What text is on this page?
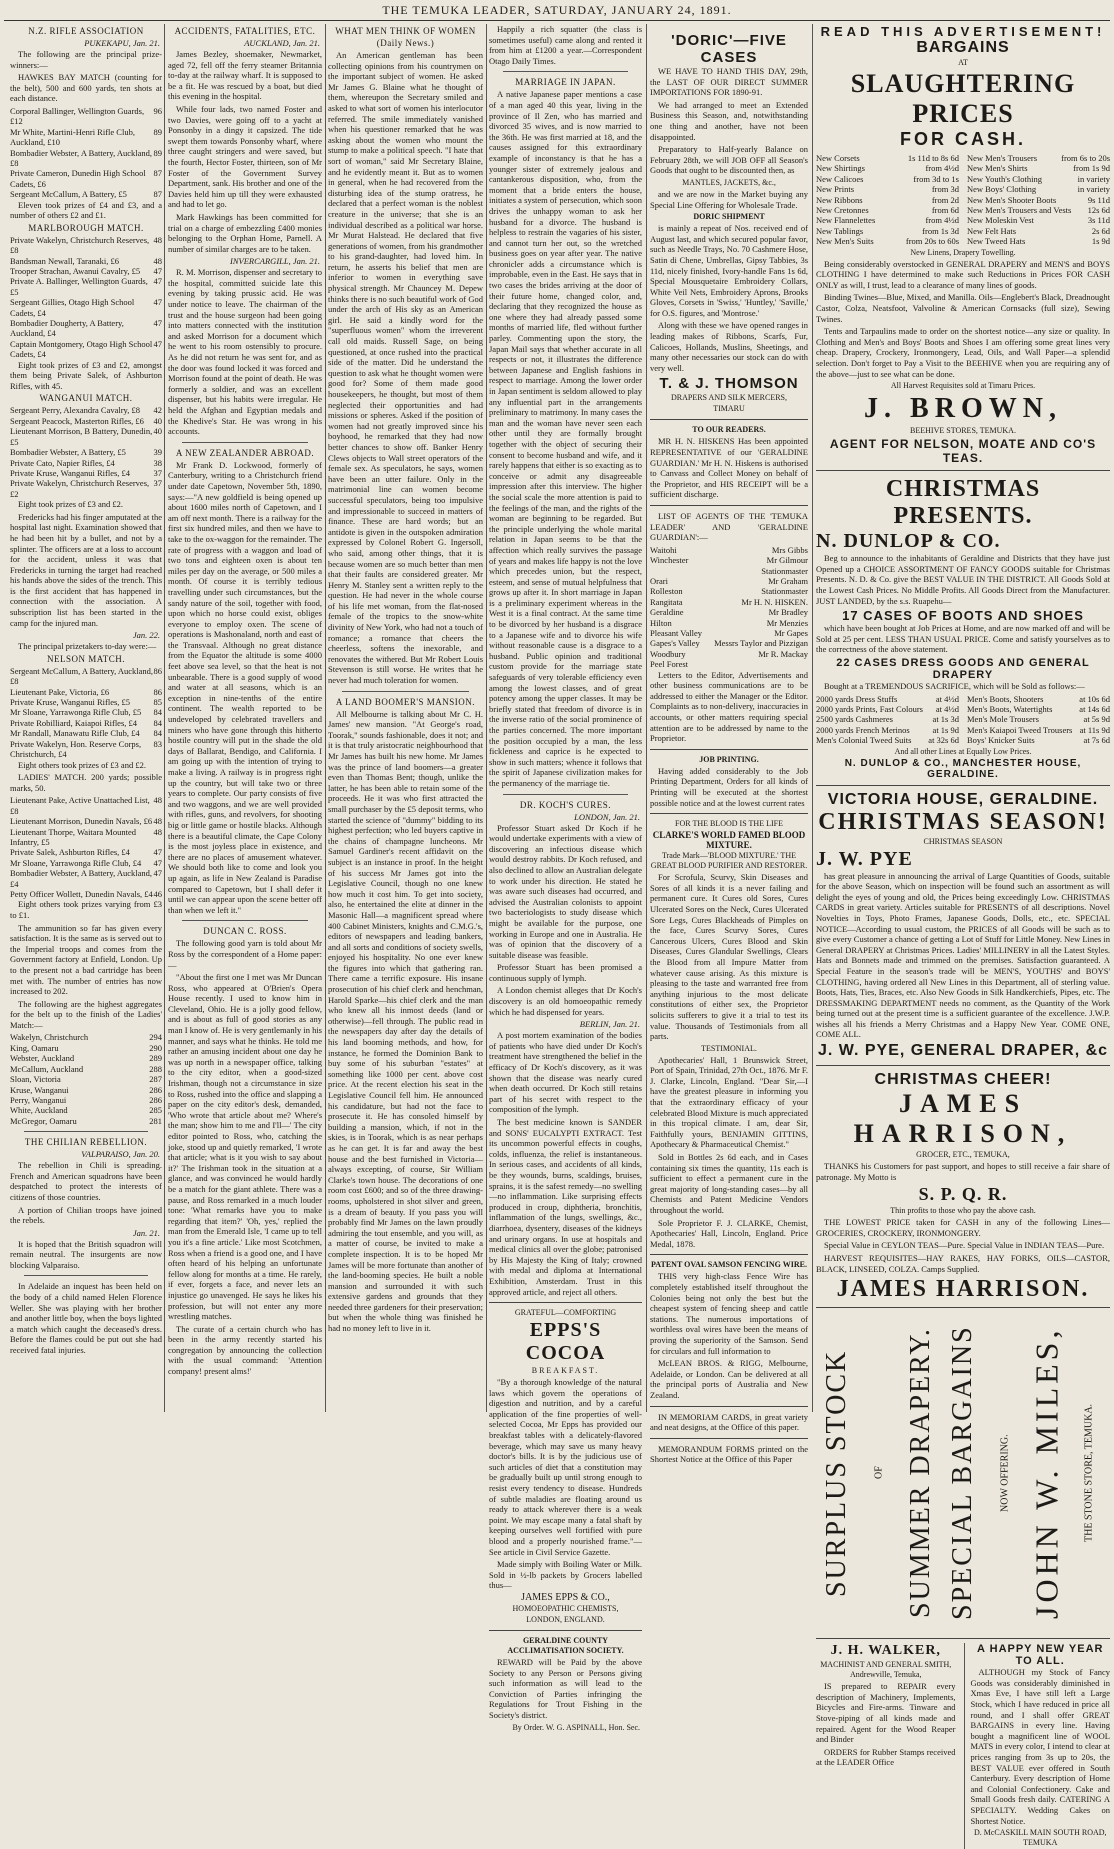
THE TEMUKA LEADER, SATURDAY, JANUARY 24, 1891.
N.Z. RIFLE ASSOCIATION
PUKEKAPU, Jan. 21.

The following are the principal prize-winners:—

HAWKES BAY MATCH (counting for the belt), 500 and 600 yards, ten shots at each distance.

Corporal Ballinger, Wellington Guards, £12
96
Mr White, Martini-Henri Rifle Club, Auckland, £10
89
Bombadier Webster, A Battery, Auckland, £8
89
Private Cameron, Dunedin High School Cadets, £6
87
Sergeant McCallum, A Battery, £5	87

Eleven took prizes of £4 and £3, and a number of others £2 and £1.

MARLBOROUGH MATCH.
Private Wakelyn, Christchurch Reserves, £8
48
Bandsman Newall, Taranaki, £6	48
Trooper Strachan, Awanui Cavalry, £5 47
Private A. Ballinger, Wellington Guards, £5
47
Sergeant Gillies, Otago High School Cadets, £4
47
Bombadier Dougherty, A Battery, Auckland, £4
47
Captain Montgomery, Otago High School Cadets, £4
47

Eight took prizes of £3 and £2, amongst them being Private Salek, of Ashburton Rifles, with 45.

WANGANUI MATCH.
Sergeant Perry, Alexandra Cavalry, £8 42
Sergeant Peacock, Masterton Rifles, £6 40
Lieutenant Morrison, B Battery, Dunedin, £5
40
Bombadier Webster, A Battery, £5	39
Private Cato, Napier Rifles, £4	38
Private Kruse, Wanganui Rifles, £4	37
Private Wakelyn, Christchurch Reserves, £2
37

Eight took prizes of £3 and £2.

Fredericks had his finger amputated at the hospital last night. Examination showed that he had been hit by a bullet, and not by a splinter. The officers are at a loss to account for the accident, unless it was that Fredericks in turning the target had reached his hands above the sides of the trench. This is the first accident that has happened in connection with the association. A subscription list has been started in the camp for the injured man.

Jan. 22.

The principal prizetakers to-day were:—

NELSON MATCH.
Sergeant McCallum, A Battery, Auckland, £8
86
Lieutenant Pake, Victoria, £6	86
Private Kruse, Wanganui Rifles, £5	85
Mr Sloane, Yarrawonga Rifle Club, £5 84
Private Robilliard, Kaiapoi Rifles, £4 84
Mr Randall, Manawatu Rifle Club, £4 84
Private Wakelyn, Hon. Reserve Corps, Christchurch, £4
83

Eight others took prizes of £3 and £2.

LADIES' MATCH. 200 yards; possible marks, 50.

Lieutenant Pake, Active Unattached List, £8
48
Lieutenant Morrison, Dunedin Navals, £6 48
Lieutenant Thorpe, Waitara Mounted Infantry, £5
48
Private Salek, Ashburton Rifles, £4	47
Mr Sloane, Yarrawonga Rifle Club, £4 47
Bombadier Webster, A Battery, Auckland, £4
47
Petty Officer Wollett, Dunedin Navals, £4 46

Eight others took prizes varying from £3 to £1.

The ammunition so far has given every satisfaction. It is the same as is served out to the Imperial troops and comes from the Government factory at Enfield, London. Up to the present not a bad cartridge has been met with. The number of entries has now increased to 202.

The following are the highest aggregates for the belt up to the finish of the Ladies' Match:—

Wakelyn, Christchurch	294
King, Oamaru	290
Webster, Auckland	289
McCallum, Auckland	288
Sloan, Victoria	287
Kruse, Wanganui	286
Perry, Wanganui	286
White, Auckland	285
McGregor, Oamaru	281
THE CHILIAN REBELLION.
VALPARAISO, Jan. 20.

The rebellion in Chili is spreading. French and American squadrons have been despatched to protect the interests of citizens of those countries.

A portion of Chilian troops have joined the rebels.

Jan. 21.

It is hoped that the British squadron will remain neutral. The insurgents are now blocking Valparaiso.

In Adelaide an inquest has been held on the body of a child named Helen Florence Weller. She was playing with her brother and another little boy, when the boys lighted a match which caught the deceased's dress. Before the flames could be put out she had received fatal injuries.

ACCIDENTS, FATALITIES, ETC.
AUCKLAND, Jan. 21.

James Bezley, shoemaker, Newmarket, aged 72, fell off the ferry steamer Britannia to-day at the railway wharf. It is supposed to be a fit. He was rescued by a boat, but died this evening in the hospital.

While four lads, two named Foster and two Davies, were going off to a yacht at Ponsonby in a dingy it capsized. The tide swept them towards Ponsonby wharf, where three caught stringers and were saved, but the fourth, Hector Foster, thirteen, son of Mr Foster of the Government Survey Department, sank. His brother and one of the Davies held him up till they were exhausted and had to let go.

Mark Hawkings has been committed for trial on a charge of embezzling £400 monies belonging to the Orphan Home, Parnell. A number of similar charges are to be taken.

INVERCARGILL, Jan. 21.

R. M. Morrison, dispenser and secretary to the hospital, committed suicide late this evening by taking prussic acid. He was under notice to leave. The chairman of the trust and the house surgeon had been going into matters connected with the institution and asked Morrison for a document which he went to his room ostensibly to procure. As he did not return he was sent for, and as the door was found locked it was forced and Morrison found at the point of death. He was formerly a soldier, and was an excellent dispenser, but his habits were irregular. He held the Afghan and Egyptian medals and the Khedive's Star. He was wrong in his accounts.

A NEW ZEALANDER ABROAD.

Mr Frank D. Lockwood, formerly of Canterbury, writing to a Christchurch friend under date Capetown, November 5th, 1890, says:—"A new goldfield is being opened up about 1600 miles north of Capetown, and I am off next month. There is a railway for the first six hundred miles, and then we have to take to the ox-waggon for the remainder. The rate of progress with a waggon and load of two tons and eighteen oxen is about ten miles per day on the average, or 500 miles a month. Of course it is terribly tedious travelling under such circumstances, but the sandy nature of the soil, together with food, upon which no horse could exist, obliges everyone to employ oxen. The scene of operations is Mashonaland, north and east of the Transvaal. Although no great distance from the Equator the altitude is some 4000 feet above sea level, so that the heat is not unbearable. There is a good supply of wood and water at all seasons, which is an exception in nine-tenths of the entire continent. The wealth reported to be undeveloped by celebrated travellers and miners who have gone through this hitherto hostile country will put in the shade the old days of Ballarat, Bendigo, and California. I am going up with the intention of trying to make a living. A railway is in progress right up the country, but will take two or three years to complete. Our party consists of five and two waggons, and we are well provided with rifles, guns, and revolvers, for shooting big or little game or hostile blacks. Although there is a beautiful climate, the Cape Colony is the most joyless place in existence, and there are no places of amusement whatever. We should both like to come and look you up again, as life in New Zealand is Paradise compared to Capetown, but I shall defer it until we can appear upon the scene better off than when we left it."

DUNCAN C. ROSS.

The following good yarn is told about Mr Ross by the correspondent of a Home paper:—

"About the first one I met was Mr Duncan Ross, who appeared at O'Brien's Opera House recently. I used to know him in Cleveland, Ohio. He is a jolly good fellow, and is about as full of good stories as any man I know of. He is very gentlemanly in his manner, and says what he thinks. He told me rather an amusing incident about one day he was up north in a newspaper office, talking to the city editor, when a good-sized Irishman, though not a circumstance in size to Ross, rushed into the office and slapping a paper on the city editor's desk, demanded, 'Who wrote that article about me? Where's the man; show him to me and I'll—' The city editor pointed to Ross, who, catching the joke, stood up and quietly remarked, 'I wrote that article; what is it you wish to say about it?' The Irishman took in the situation at a glance, and was convinced he would hardly be a match for the giant athlete. There was a pause, and Ross remarked in a much louder tone: 'What remarks have you to make regarding that item?' 'Oh, yes,' replied the man from the Emerald Isle, 'I came up to tell you it's a fine article.' Like most Scotchmen, Ross when a friend is a good one, and I have often heard of his helping an unfortunate fellow along for months at a time. He rarely, if ever, forgets a face, and never lets an injustice go unavenged. He says he likes his profession, but will not enter any more wrestling matches.

The curate of a certain church who has been in the army recently started his congregation by announcing the collection with the usual command: 'Attention company! present alms!'

WHAT MEN THINK OF WOMEN
(Daily News.)

An American gentleman has been collecting opinions from his countrymen on the important subject of women. He asked Mr James G. Blaine what he thought of them, whereupon the Secretary smiled and asked to what sort of women his interlocutor referred. The smile immediately vanished when his questioner remarked that he was asking about the women who mount the stump to make a political speech. "I hate that sort of woman," said Mr Secretary Blaine, and he evidently meant it. But as to women in general, when he had recovered from the disturbing idea of the stump oratress, he declared that a perfect woman is the noblest creature in the universe; that she is an individual described as a political war horse. Mr Murat Halstead. He declared that five generations of women, from his grandmother to his grand-daughter, had loved him. In return, he asserts his belief that men are inferior to women in everything save physical strength. Mr Chauncey M. Depew thinks there is no such beautiful work of God under the arch of His sky as an American girl. He said a kindly word for the "superfluous women" whom the irreverent call old maids. Russell Sage, on being questioned, at once rushed into the practical side of the matter. Did he understand the question to ask what he thought women were good for? Some of them made good housekeepers, he thought, but most of them neglected their opportunities and had missions or spheres. Asked if the position of women had not greatly improved since his boyhood, he remarked that they had now better chances to show off. Banker Henry Clews objects to Wall street operators of the female sex. As speculators, he says, women have been an utter failure. Only in the matrimonial line can women become successful speculators, being too impulsive and impressionable to succeed in matters of finance. These are hard words; but an antidote is given in the outspoken admiration expressed by Colonel Robert G. Ingersoll, who said, among other things, that it is because women are so much better than men that their faults are considered greater. Mr Henry M. Stanley sent a written reply to the question. He had never in the whole course of his life met woman, from the flat-nosed female of the tropics to the snow-white divinity of New York, who had not a touch of romance; a romance that cheers the cheerless, softens the inexorable, and renovates the withered. But Mr Robert Louis Stevenson is still worse. He writes that he never had much toleration for women.

A LAND BOOMER'S MANSION.

All Melbourne is talking about Mr C. H. James' new mansion. "At George's road, Toorak," sounds fashionable, does it not; and it is that truly aristocratic neighbourhood that Mr James has built his new home. Mr James was the prince of land boomers—a greater even than Thomas Bent; though, unlike the latter, he has been able to retain some of the proceeds. He it was who first attracted the small purchaser by the £5 deposit terms, who started the science of "dummy" bidding to its highest perfection; who led buyers captive in the chains of champagne luncheons. Mr Samuel Gardiner's recent affidavit on the subject is an instance in proof. In the height of his success Mr James got into the Legislative Council, though no one knew how much it cost him. To get into society, also, he entertained the elite at dinner in the Masonic Hall—a magnificent spread where 400 Cabinet Ministers, knights and C.M.G.'s, editors of newspapers and leading bankers, and all sorts and conditions of society swells, enjoyed his hospitality. No one ever knew the figures into which that gathering ran. There came a terrific exposure. His insane prosecution of his chief clerk and henchman, Harold Sparke—his chief clerk and the man who knew all his inmost deeds (land or otherwise)—fell through. The public read in the newspapers day after day the details of his land booming methods, and how, for instance, he formed the Dominion Bank to buy some of his suburban "estates" at something like 1000 per cent. above cost price. At the recent election his seat in the Legislative Council fell him. He announced his candidature, but had not the face to prosecute it. He has consoled himself by building a mansion, which, if not in the skies, is in Toorak, which is as near perhaps as he can get. It is far and away the best house and the best furnished in Victoria—always excepting, of course, Sir William Clarke's town house. The decorations of one room cost £600; and so of the three drawing-rooms, upholstered in shot silver and green, is a dream of beauty. If you pass you will probably find Mr James on the lawn proudly admiring the tout ensemble, and you will, as a matter of course, be invited to make a complete inspection. It is to be hoped Mr James will be more fortunate than another of the land-booming species. He built a noble mansion and surrounded it with such extensive gardens and grounds that they needed three gardeners for their preservation; but when the whole thing was finished he had no money left to live in it.

Happily a rich squatter (the class is sometimes useful) came along and rented it from him at £1200 a year.—Correspondent Otago Daily Times.

MARRIAGE IN JAPAN.

A native Japanese paper mentions a case of a man aged 40 this year, living in the province of Il Zen, who has married and divorced 35 wives, and is now married to the 36th. He was first married at 18, and the causes assigned for this extraordinary example of inconstancy is that he has a younger sister of extremely jealous and cantankerous disposition, who, from the moment that a bride enters the house, initiates a system of persecution, which soon drives the unhappy woman to ask her husband for a divorce. The husband is helpless to restrain the vagaries of his sister, and cannot turn her out, so the wretched business goes on year after year. The native chronicler adds a circumstance which is improbable, even in the East. He says that in two cases the brides arriving at the door of their future home, changed color, and, declaring that they recognized the house as one where they had already passed some months of married life, fled without further parley. Commenting upon the story, the Japan Mail says that whether accurate in all respects or not, it illustrates the difference between Japanese and English fashions in respect to marriage. Among the lower order in Japan sentiment is seldom allowed to play any influential part in the arrangements preliminary to matrimony. In many cases the man and the woman have never seen each other until they are formally brought together with the object of securing their consent to become husband and wife, and it rarely happens that either is so exacting as to conceive or admit any disagreeable impression after this interview. The higher the social scale the more attention is paid to the feelings of the man, and the rights of the woman are beginning to be regarded. But the principle underlying the whole marital relation in Japan seems to be that the affection which really survives the passage of years and makes life happy is not the love which precedes union, but the respect, esteem, and sense of mutual helpfulness that grows up after it. In short marriage in Japan is a preliminary experiment whereas in the West it is a final contract. At the same time to be divorced by her husband is a disgrace to a Japanese wife and to divorce his wife without reasonable cause is a disgrace to a husband. Public opinion and traditional custom provide for the marriage state safeguards of very tolerable efficiency even among the lowest classes, and of great potency among the upper classes. It may be briefly stated that freedom of divorce is in the inverse ratio of the social prominence of the parties concerned. The more important the position occupied by a man, the less fickleness and caprice is he expected to show in such matters; whence it follows that the spirit of Japanese civilization makes for the permanency of the marriage tie.

DR. KOCH'S CURES.
LONDON, Jan. 21.

Professor Stuart asked Dr Koch if he would undertake experiments with a view of discovering an infectious disease which would destroy rabbits. Dr Koch refused, and also declined to allow an Australian delegate to work under his direction. He stated he was aware such diseases had occurred, and advised the Australian colonists to appoint two bacteriologists to study disease which might be available for the purpose, one working in Europe and one in Australia. He was of opinion that the discovery of a suitable disease was feasible.

Professor Stuart has been promised a continuous supply of lymph.

A London chemist alleges that Dr Koch's discovery is an old homoeopathic remedy which he had dispensed for years.

BERLIN, Jan. 21.

A post mortem examination of the bodies of patients who have died under Dr Koch's treatment have strengthened the belief in the efficacy of Dr Koch's discovery, as it was shown that the disease was nearly cured when death occurred. Dr Koch still retains part of his secret with respect to the composition of the lymph.

The best medicine known is SANDER and SONS' EUCALYPTI EXTRACT. Test its uncommon powerful effects in coughs, colds, influenza, the relief is instantaneous. In serious cases, and accidents of all kinds, be they wounds, burns, scaldings, bruises, sprains, it is the safest remedy—no swelling—no inflammation. Like surprising effects produced in croup, diphtheria, bronchitis, inflammation of the lungs, swellings, &c., diarrhoea, dysentery, diseases of the kidneys and urinary organs. In use at hospitals and medical clinics all over the globe; patronised by His Majesty the King of Italy; crowned with medal and diploma at International Exhibition, Amsterdam. Trust in this approved article, and reject all others.

GRATEFUL—COMFORTING
EPPS'S COCOA
BREAKFAST.

"By a thorough knowledge of the natural laws which govern the operations of digestion and nutrition, and by a careful application of the fine properties of well-selected Cocoa, Mr Epps has provided our breakfast tables with a delicately-flavored beverage, which may save us many heavy doctor's bills. It is by the judicious use of such articles of diet that a constitution may be gradually built up until strong enough to resist every tendency to disease. Hundreds of subtle maladies are floating around us ready to attack wherever there is a weak point. We may escape many a fatal shaft by keeping ourselves well fortified with pure blood and a properly nourished frame."—See article in Civil Service Gazette.

Made simply with Boiling Water or Milk. Sold in ½-lb packets by Grocers labelled thus—

JAMES EPPS & CO.,
HOMOEOPATHIC CHEMISTS,
LONDON, ENGLAND.
GERALDINE COUNTY ACCLIMATISATION SOCIETY.

REWARD will be Paid by the above Society to any Person or Persons giving such information as will lead to the Conviction of Parties infringing the Regulations for Trout Fishing in the Society's district.

By Order. W. G. ASPINALL, Hon. Sec.
'DORIC'—FIVE CASES

WE HAVE TO HAND THIS DAY, 29th, the LAST OF OUR DIRECT SUMMER IMPORTATIONS FOR 1890-91.

We had arranged to meet an Extended Business this Season, and, notwithstanding one thing and another, have not been disappointed.

Preparatory to Half-yearly Balance on February 28th, we will JOB OFF all Season's Goods that ought to be discounted then, as

MANTLES, JACKETS, &c.,

and we are now in the Market buying any Special Line Offering for Wholesale Trade.

DORIC SHIPMENT

is mainly a repeat of Nos. received end of August last, and which secured popular favor, such as Needle Trays, No. 70 Cashmere Hose, Satin di Chene, Umbrellas, Gipsy Tabbies, 3s 11d, nicely finished, Ivory-handle Fans 1s 6d, Special Mousquetaire Embroidery Collars, White Veil Nets, Embroidery Aprons, Brooks Gloves, Corsets in 'Swiss,' 'Huntley,' 'Saville,' for O.S. figures, and 'Montrose.'

Along with these we have opened ranges in leading makes of Ribbons, Scarfs, Fur, Calicoes, Hollands, Muslins, Sheetings, and many other necessaries our stock can do with very well.

T. & J. THOMSON
DRAPERS AND SILK MERCERS,
TIMARU
TO OUR READERS.

MR H. N. HISKENS Has been appointed REPRESENTATIVE of our 'GERALDINE GUARDIAN.' Mr H. N. Hiskens is authorised to Canvass and Collect Money on behalf of the Proprietor, and HIS RECEIPT will be a sufficient discharge.

LIST OF AGENTS OF THE 'TEMUKA LEADER' AND 'GERALDINE GUARDIAN':—

Waitohi	Mrs Gibbs
Winchester	Mr Gilmour
Stationmaster
Orari	Mr Graham
Rolleston	Stationmaster
Rangitata	Mr H. N. HISKEN.
Geraldine	Mr Bradley
Hilton	Mr Menzies
Pleasant Valley	Mr Gapes
Gapes's Valley Messrs Taylor and Pizzigan
Woodbury	Mr R. Mackay
Peel Forest

Letters to the Editor, Advertisements and other business communications are to be addressed to either the Manager or the Editor. Complaints as to non-delivery, inaccuracies in accounts, or other matters requiring special attention are to be addressed by name to the Proprietor.

JOB PRINTING.

Having added considerably to the Job Printing Department, Orders for all kinds of Printing will be executed at the shortest possible notice and at the lowest current rates

FOR THE BLOOD IS THE LIFE
CLARKE'S WORLD FAMED BLOOD MIXTURE.
Trade Mark—'BLOOD MIXTURE.' THE GREAT BLOOD PURIFIER AND RESTORER.

For Scrofula, Scurvy, Skin Diseases and Sores of all kinds it is a never failing and permanent cure. It Cures old Sores, Cures Ulcerated Sores on the Neck, Cures Ulcerated Sore Legs, Cures Blackheads of Pimples on the face, Cures Scurvy Sores, Cures Cancerous Ulcers, Cures Blood and Skin Diseases, Cures Glandular Swellings, Clears the Blood from all Impure Matter from whatever cause arising. As this mixture is pleasing to the taste and warranted free from anything injurious to the most delicate constitutions of either sex, the Proprietor solicits sufferers to give it a trial to test its value. Thousands of Testimonials from all parts.

TESTIMONIAL.

Apothecaries' Hall, 1 Brunswick Street, Port of Spain, Trinidad, 27th Oct., 1876. Mr F. J. Clarke, Lincoln, England. "Dear Sir,—I have the greatest pleasure in informing you that the extraordinary efficacy of your celebrated Blood Mixture is much appreciated in this tropical climate. I am, dear Sir, Faithfully yours, BENJAMIN GITTINS, Apothecary & Pharmaceutical Chemist."

Sold in Bottles 2s 6d each, and in Cases containing six times the quantity, 11s each is sufficient to effect a permanent cure in the great majority of long-standing cases—by all Chemists and Patent Medicine Vendors throughout the world.

Sole Proprietor F. J. CLARKE, Chemist, Apothecaries' Hall, Lincoln, England. Price Medal, 1878.

PATENT OVAL SAMSON FENCING WIRE.

THIS very high-class Fence Wire has completely established itself throughout the Colonies being not only the best but the cheapest system of fencing sheep and cattle stations. The numerous importations of worthless oval wires have been the means of proving the superiority of the Samson. Send for circulars and full information to

McLEAN BROS. & RIGG, Melbourne, Adelaide, or London. Can be delivered at all the principal ports of Australia and New Zealand.

IN MEMORIAM CARDS, in great variety and neat designs, at the Office of this paper.

MEMORANDUM FORMS printed on the Shortest Notice at the Office of this Paper

READ THIS ADVERTISEMENT!
BARGAINS
AT
SLAUGHTERING PRICES
FOR CASH.
New Corsets	1s 11d to 8s 6d
New Shirtings	from 4½d
New Calicoes	from 3d to 1s
New Prints	from 3d
New Ribbons	from 2d
New Cretonnes	from 6d
New Flannelettes	from 4½d
New Tablings	from 1s 3d
New Men's Suits	from 20s to 60s
New Men's Trousers	from 6s to 20s
New Men's Shirts	from 1s 9d
New Youth's Clothing	in variety
New Boys' Clothing	in variety
New Men's Shooter Boots	9s 11d
New Men's Trousers and Vests 12s 6d
New Moleskin Vest	3s 11d
New Felt Hats	2s 6d
New Tweed Hats	1s 9d
New Linens, Drapery Towelling.

Being considerably overstocked in GENERAL DRAPERY and MEN'S and BOYS CLOTHING I have determined to make such Reductions in Prices FOR CASH ONLY as will, I trust, lead to a clearance of many lines of goods.

Binding Twines—Blue, Mixed, and Manilla. Oils—Englebert's Black, Dreadnought Castor, Colza, Neatsfoot, Valvoline & American Cornsacks (full size), Sewing Twines.

Tents and Tarpaulins made to order on the shortest notice—any size or quality. In Clothing and Men's and Boys' Boots and Shoes I am offering some great lines very cheap. Drapery, Crockery, Ironmongery, Lead, Oils, and Wall Paper—a splendid selection. Don't forget to Pay a Visit to the BEEHIVE when you are requiring any of the above—just to see what can be done.

All Harvest Requisites sold at Timaru Prices.
J. BROWN,
BEEHIVE STORES, TEMUKA.
AGENT FOR NELSON, MOATE AND CO'S TEAS.
CHRISTMAS PRESENTS.
N. DUNLOP & CO.

Beg to announce to the inhabitants of Geraldine and Districts that they have just Opened up a CHOICE ASSORTMENT OF FANCY GOODS suitable for Christmas Presents. N. D. & Co. give the BEST VALUE IN THE DISTRICT. All Goods Sold at the Lowest Cash Prices. No Middle Profits. All Goods Direct from the Manufacturer. JUST LANDED, by the s.s. Ruapehu—

17 CASES OF BOOTS AND SHOES

which have been bought at Job Prices at Home, and are now marked off and will be Sold at 25 per cent. LESS THAN USUAL PRICE. Come and satisfy yourselves as to the correctness of the above statement.

22 CASES DRESS GOODS AND GENERAL DRAPERY

Bought at a TREMENDOUS SACRIFICE, which will be Sold as follows:—

2000 yards Dress Stuffs	at 4½d
2000 yards Prints, Fast Colours at 4½d
2500 yards Cashmeres	at 1s 3d
2000 yards French Merinos	at 1s 9d
Men's Colonial Tweed Suits at 32s 6d
Men's Boots, Shooters	at 10s 6d
Men's Boots, Watertights	at 14s 6d
Men's Mole Trousers	at 5s 9d
Men's Kaiapoi Tweed Trousers at 11s 9d
Boys' Knicker Suits	at 7s 6d
And all other Lines at Equally Low Prices.
N. DUNLOP & CO., MANCHESTER HOUSE, GERALDINE.
VICTORIA HOUSE, GERALDINE.
CHRISTMAS SEASON!
CHRISTMAS SEASON
J. W. PYE

has great pleasure in announcing the arrival of Large Quantities of Goods, suitable for the above Season, which on inspection will be found such an assortment as will delight the eyes of young and old, the Prices being exceedingly Low. CHRISTMAS CARDS in great variety. Articles suitable for PRESENTS of all descriptions. Novel Novelties in Toys, Photo Frames, Japanese Goods, Dolls, etc., etc. SPECIAL NOTICE—According to usual custom, the PRICES of all Goods will be such as to give every Customer a chance of getting a Lot of Stuff for Little Money. New Lines in General DRAPERY at Christmas Prices. Ladies' MILLINERY in all the Latest Styles. Hats and Bonnets made and trimmed on the premises. Satisfaction guaranteed. A Special Feature in the season's trade will be MEN'S, YOUTHS' and BOYS' CLOTHING, having ordered all New Lines in this Department, all of sterling value. Boots, Hats, Ties, Braces, etc. Also New Goods in Silk Handkerchiefs, Pipes, etc. The DRESSMAKING DEPARTMENT needs no comment, as the Quantity of the Work being turned out at the present time is a sufficient guarantee of the excellence. J.W.P. wishes all his friends a Merry Christmas and a Happy New Year. COME ONE, COME ALL.

J. W. PYE, GENERAL DRAPER, &c
CHRISTMAS CHEER!
JAMES HARRISON,
GROCER, ETC., TEMUKA,

THANKS his Customers for past support, and hopes to still receive a fair share of patronage. My Motto is

S. P. Q. R.
Thin profits to those who pay the above cash.

THE LOWEST PRICE taken for CASH in any of the following Lines—GROCERIES, CROCKERY, IRONMONGERY.

Special Value in CEYLON TEAS—Pure. Special Value in INDIAN TEAS—Pure.

HARVEST REQUISITES—HAY RAKES, HAY FORKS, OILS—CASTOR, BLACK, LINSEED, COLZA. Camps Supplied.

JAMES HARRISON.
SURPLUS STOCK	OF SUMMER DRAPERY. SPECIAL BARGAINS	NOW OFFERING. JOHN W. MILES,	THE STONE STORE, TEMUKA.
J. H. WALKER,
MACHINIST AND GENERAL SMITH, Andrewville, Temuka,

IS prepared to REPAIR every description of Machinery, Implements, Bicycles and Fire-arms. Tinware and Stove-piping of all kinds made and repaired. Agent for the Wood Reaper and Binder

ORDERS for Rubber Stamps received at the LEADER Office

A HAPPY NEW YEAR TO ALL.

ALTHOUGH my Stock of Fancy Goods was considerably diminished in Xmas Eve, I have still left a Large Stock, which I have reduced in price all round, and I shall offer GREAT BARGAINS in every line. Having bought a magnificent line of WOOL MATS in every color, I intend to clear at prices ranging from 3s up to 20s, the BEST VALUE ever offered in South Canterbury. Every description of Home and Colonial Confectionery. Cake and Small Goods fresh daily. CATERING A SPECIALTY. Wedding Cakes on Shortest Notice.

D. McCASKILL MAIN SOUTH ROAD, TEMUKA
